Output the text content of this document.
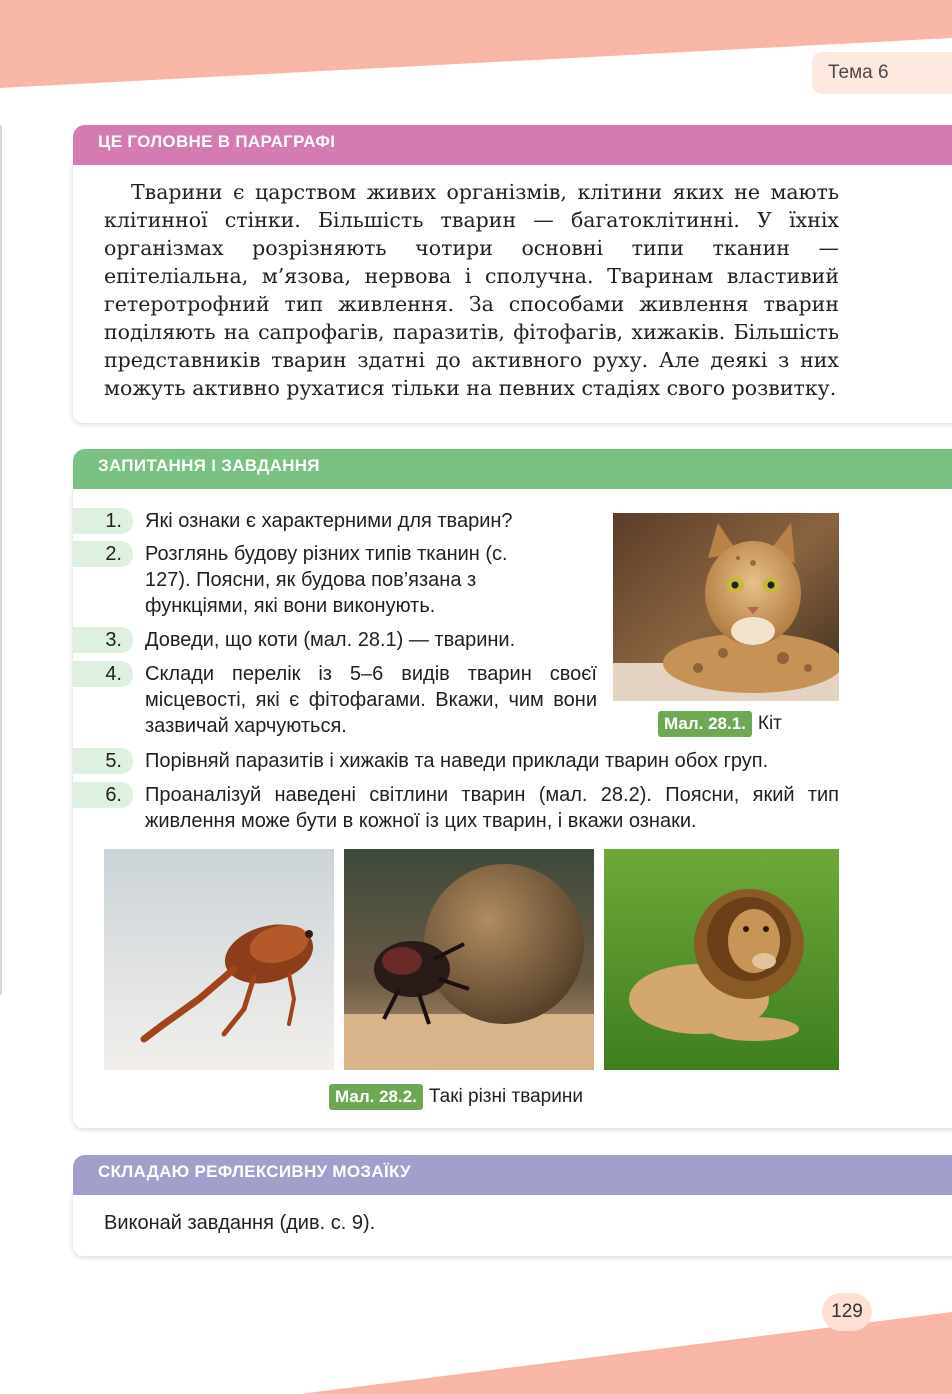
Тема 6

Тварини є царством живих організмів, клітини яких не мають клітинної стінки. Більшість тварин — багатоклітинні. У їхніх організмах розрізняють чотири основні типи тканин — епітеліальна, м’язова, нервова і сполучна. Тваринам властивий гетеротрофний тип живлення. За способами живлення тварин поділяють на сапрофагів, паразитів, фітофагів, хижаків. Більшість представників тварин здатні до активного руху. Але деякі з них можуть активно рухатися тільки на певних стадіях свого розвитку.

ЦЕ ГОЛОВНЕ В ПАРАГРАФІ
1.	Які ознаки є характерними для тварин?
2.	Розглянь будову різних типів тканин (с. 127). Поясни, як будова пов’язана з функціями, які вони виконують.
3.	Доведи, що коти (мал. 28.1) — тварини.
4.	Склади перелік із 5–6 видів тварин своєї місцевості, які є фітофагами. Вкажи, чим вони зазвичай харчуються.
5.	Порівняй паразитів і хижаків та наведи приклади тварин обох груп.
6.	Проаналізуй наведені світлини тварин (мал. 28.2). Поясни, який тип живлення може бути в кожної із цих тварин, і вкажи ознаки.
Мал. 28.1. Кіт
Мал. 28.2. Такі різні тварини
ЗАПИТАННЯ І ЗАВДАННЯ
Виконай завдання (див. с. 9).
СКЛАДАЮ РЕФЛЕКСИВНУ МОЗАЇКУ
129
